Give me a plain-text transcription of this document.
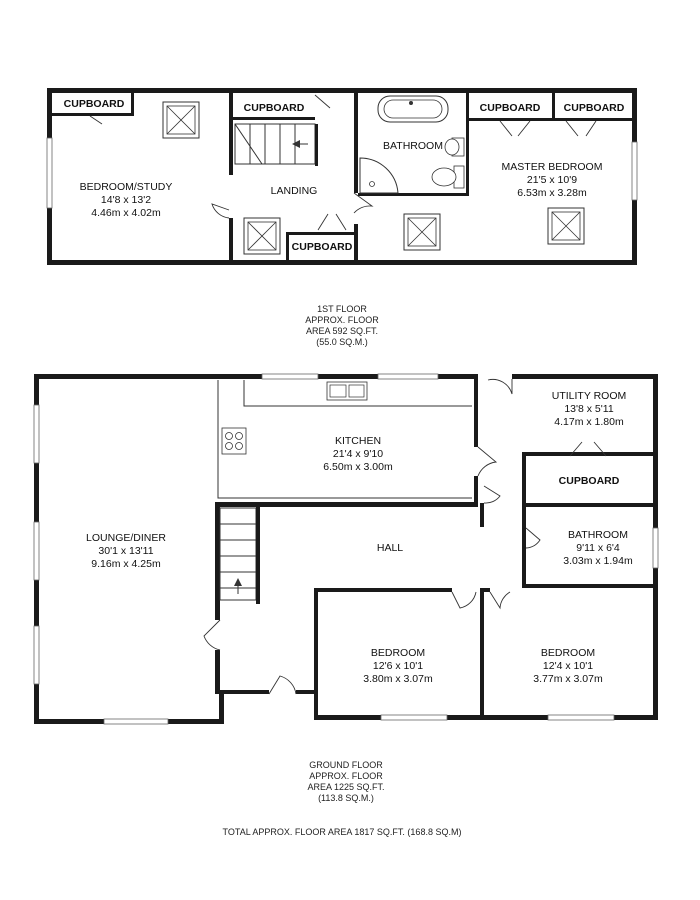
CUPBOARD	CUPBOARD
CUPBOARD
CUPBOARD CUPBOARD
BEDROOM/STUDY
14'8 x 13'2
4.46m x 4.02m
LANDING
BATHROOM
MASTER BEDROOM
21'5 x 10'9
6.53m x 3.28m
1ST FLOOR
APPROX. FLOOR
AREA 592 SQ.FT.
(55.0 SQ.M.)
KITCHEN
21'4 x 9'10
6.50m x 3.00m
UTILITY ROOM
13'8 x 5'11
4.17m x 1.80m
CUPBOARD
LOUNGE/DINER
30'1 x 13'11
9.16m x 4.25m
HALL
BATHROOM
9'11 x 6'4
3.03m x 1.94m
BEDROOM
12'6 x 10'1
3.80m x 3.07m
BEDROOM
12'4 x 10'1
3.77m x 3.07m
GROUND FLOOR
APPROX. FLOOR
AREA 1225 SQ.FT.
(113.8 SQ.M.)
TOTAL APPROX. FLOOR AREA 1817 SQ.FT. (168.8 SQ.M)
